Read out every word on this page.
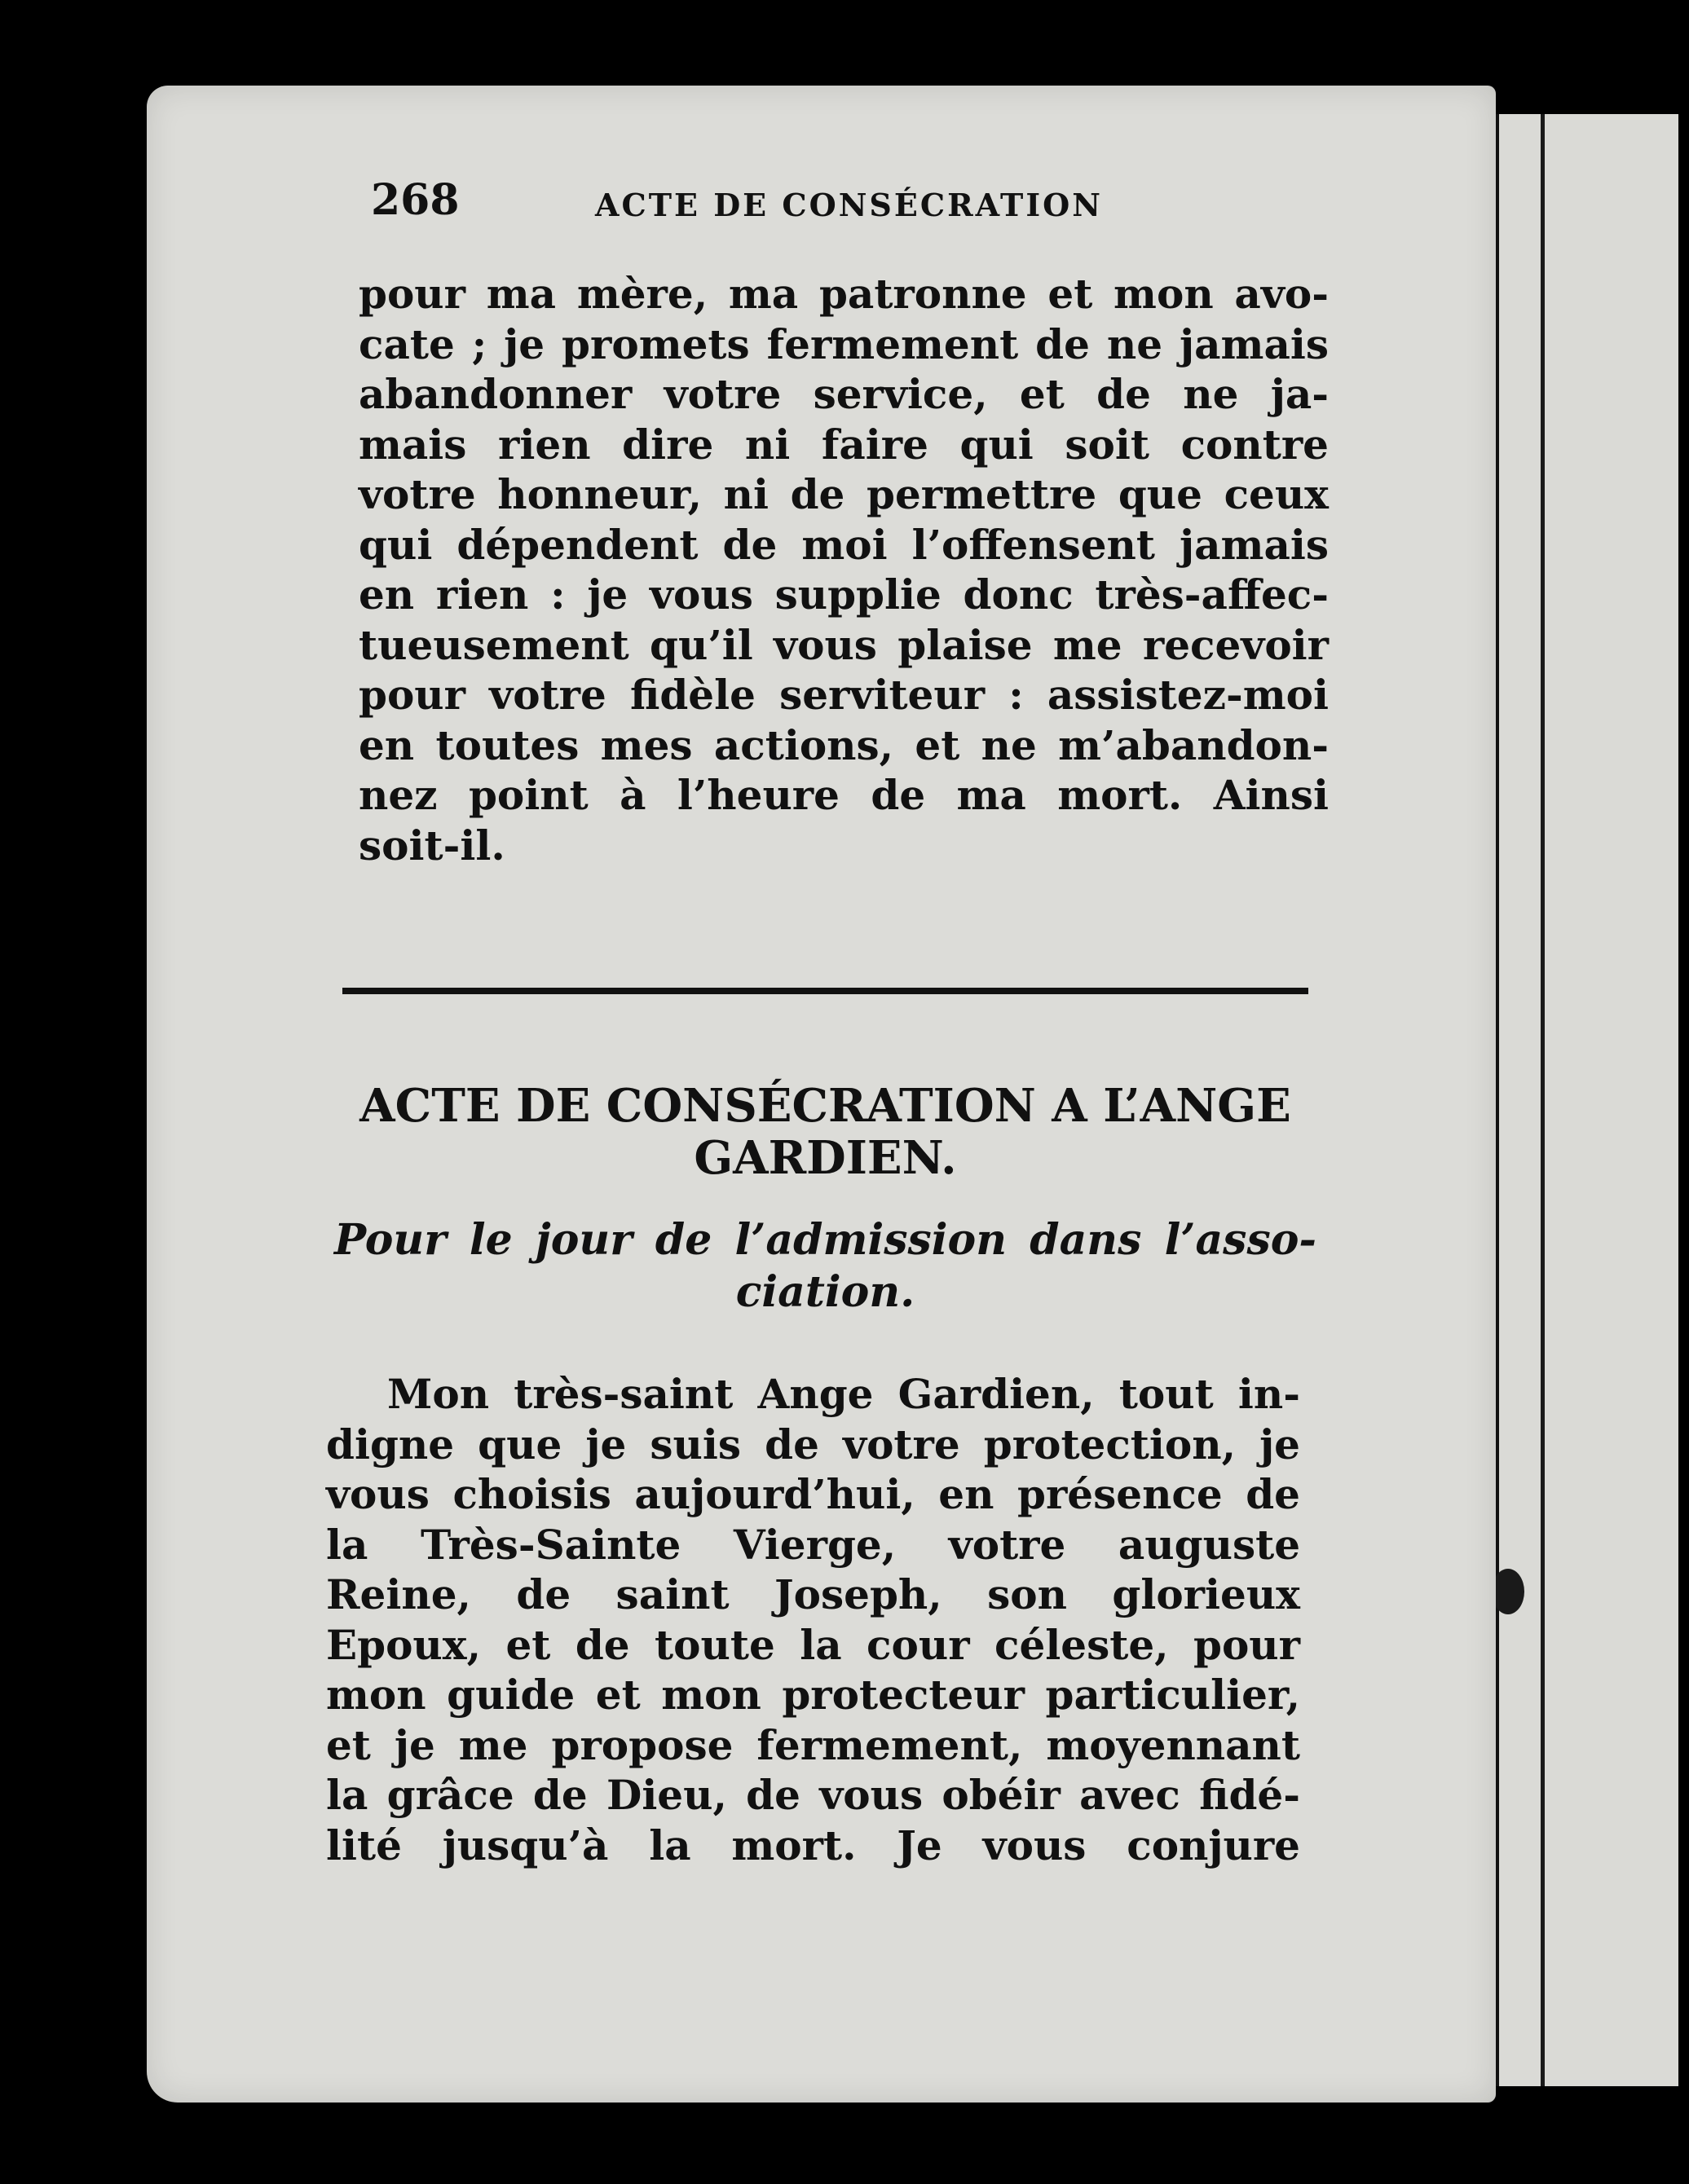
268	ACTE DE CONSÉCRATION
pour ma mère, ma patronne et mon avo-
cate ; je promets fermement de ne jamais
abandonner votre service, et de ne ja-
mais rien dire ni faire qui soit contre
votre honneur, ni de permettre que ceux
qui dépendent de moi l’offensent jamais
en rien : je vous supplie donc très-affec-
tueusement qu’il vous plaise me recevoir
pour votre fidèle serviteur : assistez-moi
en toutes mes actions, et ne m’abandon-
nez point à l’heure de ma mort. Ainsi
soit-il.
ACTE DE CONSÉCRATION A L’ANGE
GARDIEN.
Pour le jour de l’admission dans l’asso-
ciation.
Mon très-saint Ange Gardien, tout in-
digne que je suis de votre protection, je
vous choisis aujourd’hui, en présence de
la Très-Sainte Vierge, votre auguste
Reine, de saint Joseph, son glorieux
Epoux, et de toute la cour céleste, pour
mon guide et mon protecteur particulier,
et je me propose fermement, moyennant
la grâce de Dieu, de vous obéir avec fidé-
lité jusqu’à la mort. Je vous conjure
